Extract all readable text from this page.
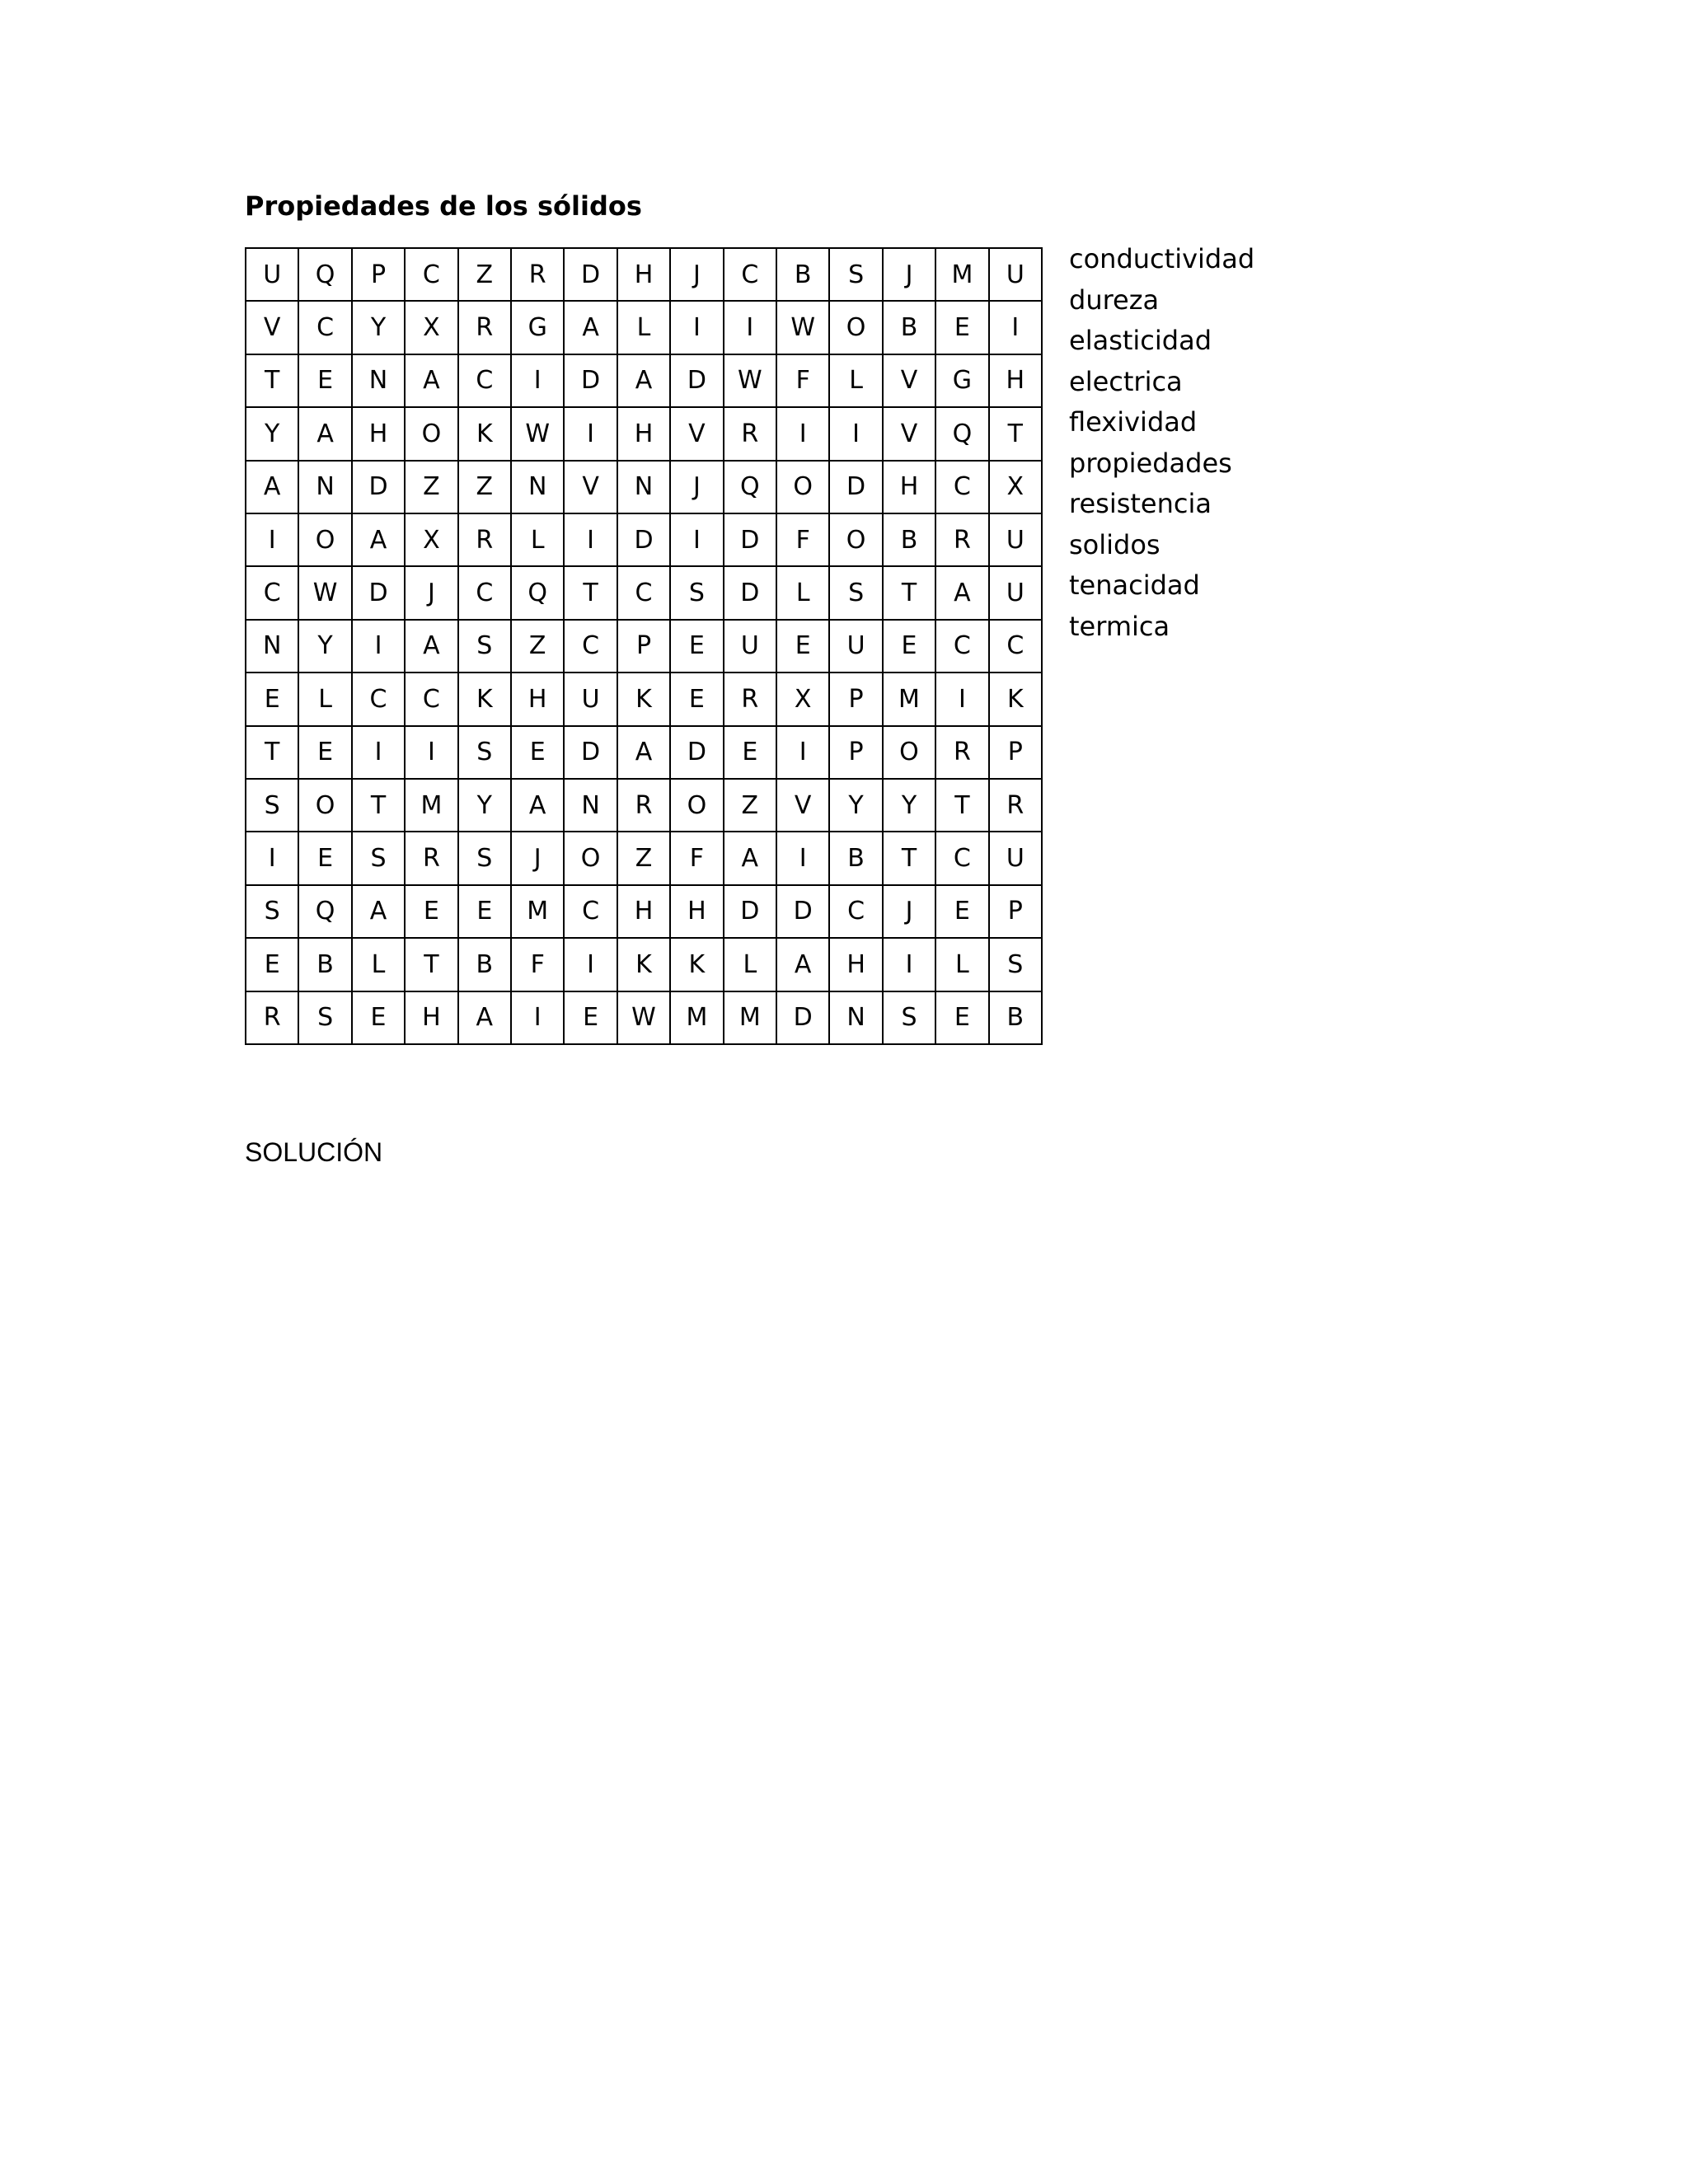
Propiedades de los sólidos
U	Q	P	C	Z	R	D	H	J	C	B	S	J	M	U
V	C	Y	X	R	G	A	L	I	I	W	O	B	E	I
T	E	N	A	C	I	D	A	D	W	F	L	V	G	H
Y	A	H	O	K	W	I	H	V	R	I	I	V	Q	T
A	N	D	Z	Z	N	V	N	J	Q	O	D	H	C	X
I	O	A	X	R	L	I	D	I	D	F	O	B	R	U
C	W	D	J	C	Q	T	C	S	D	L	S	T	A	U
N	Y	I	A	S	Z	C	P	E	U	E	U	E	C	C
E	L	C	C	K	H	U	K	E	R	X	P	M	I	K
T	E	I	I	S	E	D	A	D	E	I	P	O	R	P
S	O	T	M	Y	A	N	R	O	Z	V	Y	Y	T	R
I	E	S	R	S	J	O	Z	F	A	I	B	T	C	U
S	Q	A	E	E	M	C	H	H	D	D	C	J	E	P
E	B	L	T	B	F	I	K	K	L	A	H	I	L	S
R	S	E	H	A	I	E	W	M	M	D	N	S	E	B
conductividad
dureza
elasticidad
electrica
flexividad
propiedades
resistencia
solidos
tenacidad
termica
SOLUCIÓN
